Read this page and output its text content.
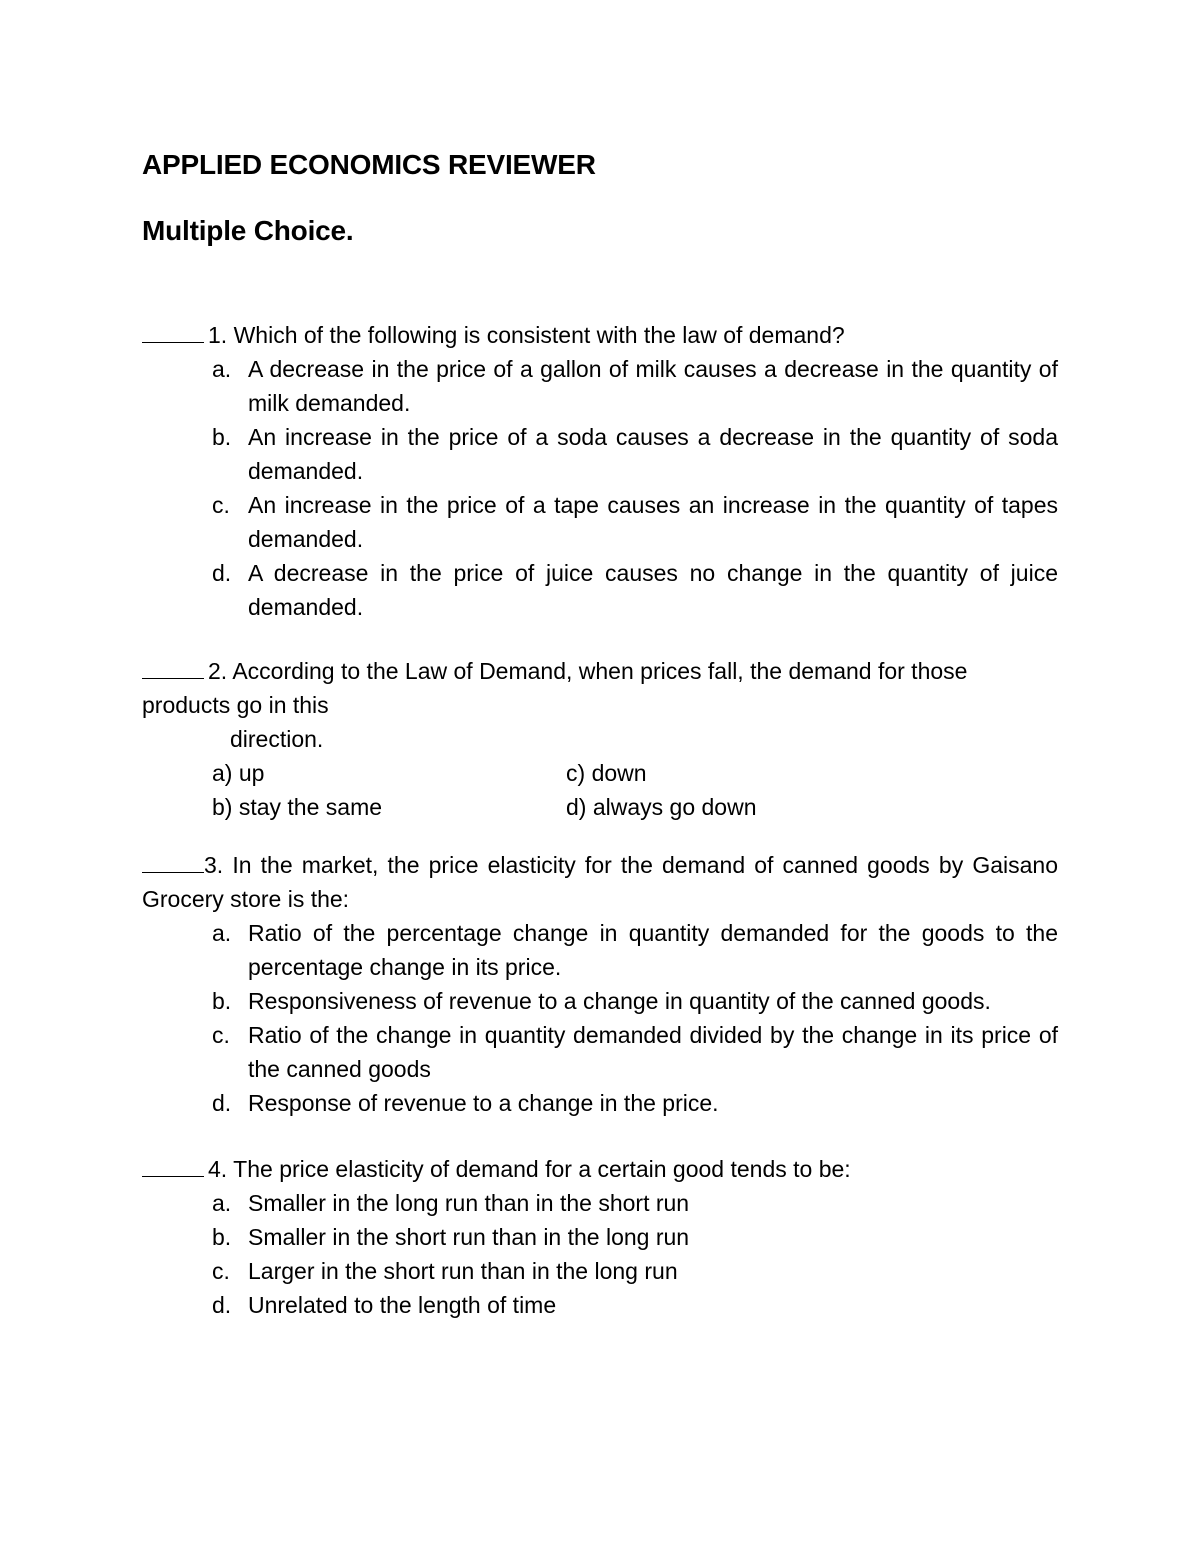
APPLIED ECONOMICS REVIEWER
Multiple Choice.

1. Which of the following is consistent with the law of demand?

a. A decrease in the price of a gallon of milk causes a decrease in the quantity of milk demanded.
b. An increase in the price of a soda causes a decrease in the quantity of soda demanded.
c. An increase in the price of a tape causes an increase in the quantity of tapes demanded.
d. A decrease in the price of juice causes no change in the quantity of juice demanded.

2. According to the Law of Demand, when prices fall, the demand for those products go in this

direction.

a) up	c) down
b) stay the same	d) always go down

3. In the market, the price elasticity for the demand of canned goods by Gaisano Grocery store is the:

a. Ratio of the percentage change in quantity demanded for the goods to the percentage change in its price.
b. Responsiveness of revenue to a change in quantity of the canned goods.
c. Ratio of the change in quantity demanded divided by the change in its price of the canned goods
d. Response of revenue to a change in the price.

4. The price elasticity of demand for a certain good tends to be:

a. Smaller in the long run than in the short run
b. Smaller in the short run than in the long run
c. Larger in the short run than in the long run
d. Unrelated to the length of time
